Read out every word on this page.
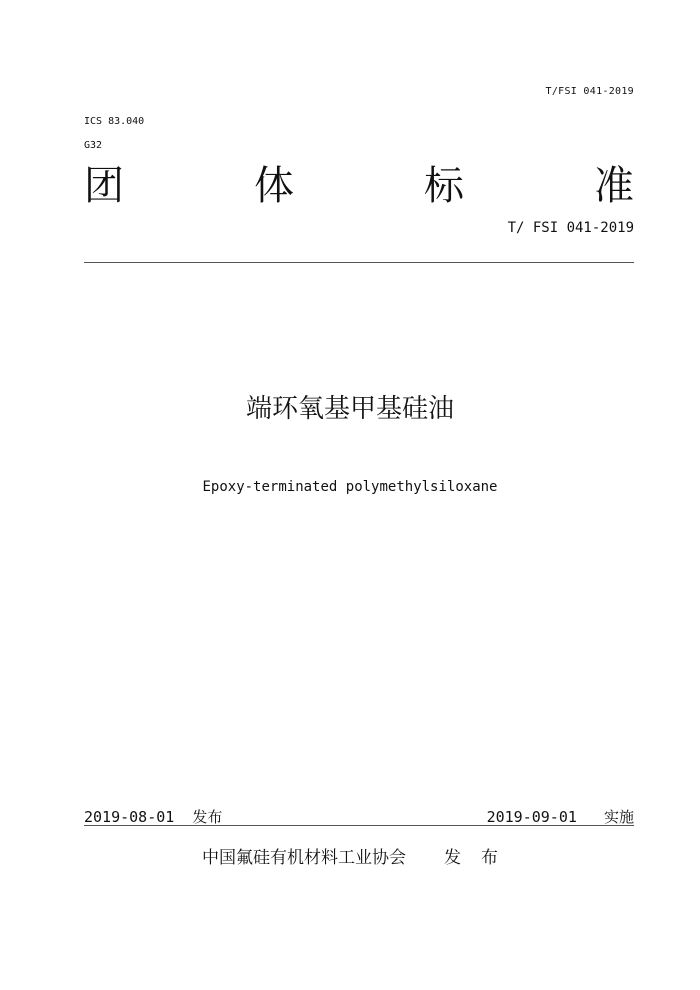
T/FSI 041-2019
ICS 83.040
G32
团	体	标	准
T/ FSI 041-2019
端环氧基甲基硅油
Epoxy-terminated polymethylsiloxane
2019-08-01 发布	2019-09-01 实施
中国氟硅有机材料工业协会 发 布
